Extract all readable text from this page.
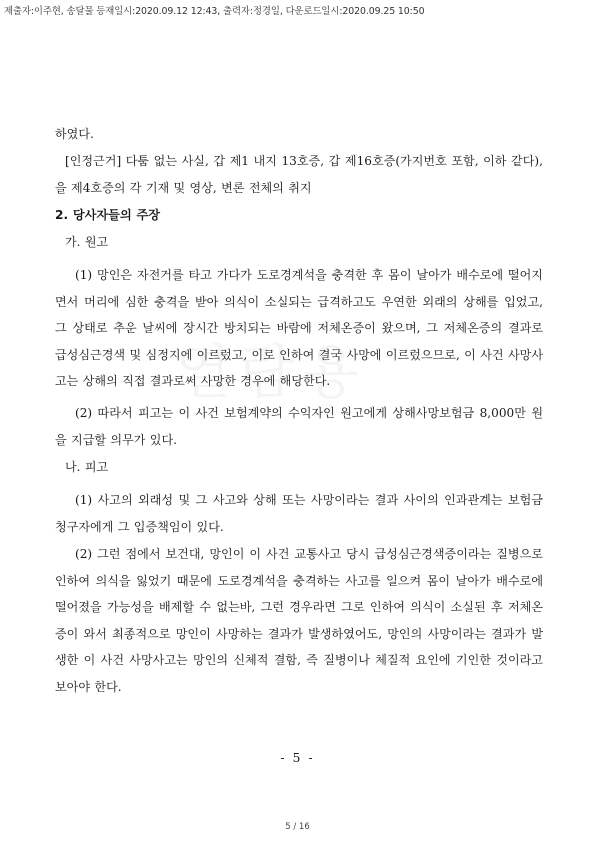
제출자:이주현, 송달물 등재일시:2020.09.12 12:43, 출력자:정경일, 다운로드일시:2020.09.25 10:50

하였다.

[인정근거] 다툼 없는 사실, 갑 제1 내지 13호증, 갑 제16호증(가지번호 포함, 이하 같다), 을 제4호증의 각 기재 및 영상, 변론 전체의 취지

2. 당사자들의 주장

가. 원고

(1) 망인은 자전거를 타고 가다가 도로경계석을 충격한 후 몸이 날아가 배수로에 떨어지면서 머리에 심한 충격을 받아 의식이 소실되는 급격하고도 우연한 외래의 상해를 입었고, 그 상태로 추운 날씨에 장시간 방치되는 바람에 저체온증이 왔으며, 그 저체온증의 결과로 급성심근경색 및 심정지에 이르렀고, 이로 인하여 결국 사망에 이르렀으므로, 이 사건 사망사고는 상해의 직접 결과로써 사망한 경우에 해당한다.

(2) 따라서 피고는 이 사건 보험계약의 수익자인 원고에게 상해사망보험금 8,000만 원을 지급할 의무가 있다.

나. 피고

(1) 사고의 외래성 및 그 사고와 상해 또는 사망이라는 결과 사이의 인과관계는 보험금 청구자에게 그 입증책임이 있다.

(2) 그런 점에서 보건대, 망인이 이 사건 교통사고 당시 급성심근경색증이라는 질병으로 인하여 의식을 잃었기 때문에 도로경계석을 충격하는 사고를 일으켜 몸이 날아가 배수로에 떨어졌을 가능성을 배제할 수 없는바, 그런 경우라면 그로 인하여 의식이 소실된 후 저체온증이 와서 최종적으로 망인이 사망하는 결과가 발생하였어도, 망인의 사망이라는 결과가 발생한 이 사건 사망사고는 망인의 신체적 결함, 즉 질병이나 체질적 요인에 기인한 것이라고 보아야 한다.

- 5 -
5 / 16
